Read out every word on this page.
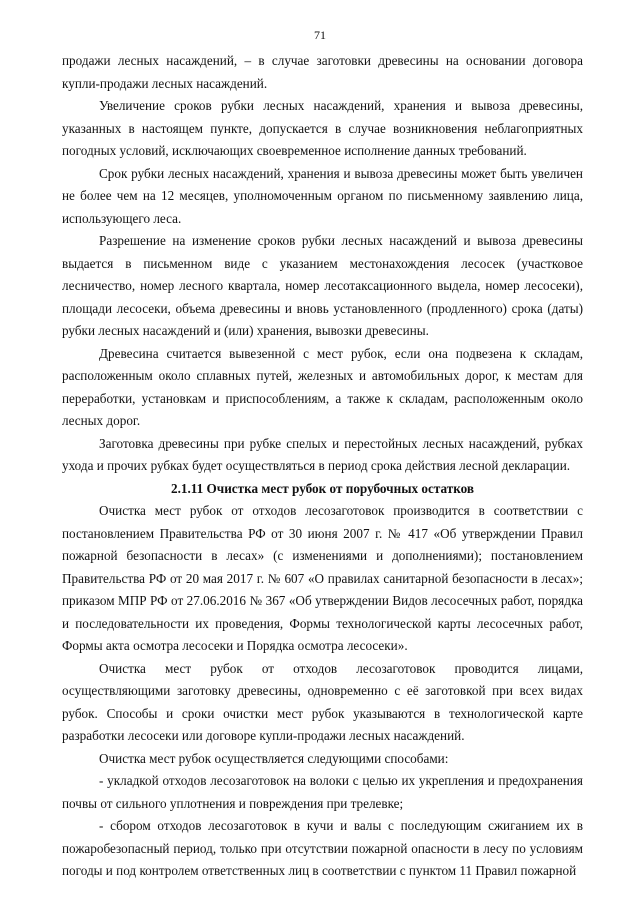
71

продажи лесных насаждений, – в случае заготовки древесины на основании договора купли-продажи лесных насаждений.

Увеличение сроков рубки лесных насаждений, хранения и вывоза древесины, указанных в настоящем пункте, допускается в случае возникновения неблагоприятных погодных условий, исключающих своевременное исполнение данных требований.

Срок рубки лесных насаждений, хранения и вывоза древесины может быть увеличен не более чем на 12 месяцев, уполномоченным органом по письменному заявлению лица, использующего леса.

Разрешение на изменение сроков рубки лесных насаждений и вывоза древесины выдается в письменном виде с указанием местонахождения лесосек (участковое лесничество, номер лесного квартала, номер лесотаксационного выдела, номер лесосеки), площади лесосеки, объема древесины и вновь установленного (продленного) срока (даты) рубки лесных насаждений и (или) хранения, вывозки древесины.

Древесина считается вывезенной с мест рубок, если она подвезена к складам, расположенным около сплавных путей, железных и автомобильных дорог, к местам для переработки, установкам и приспособлениям, а также к складам, расположенным около лесных дорог.

Заготовка древесины при рубке спелых и перестойных лесных насаждений, рубках ухода и прочих рубках будет осуществляться в период срока действия лесной декларации.

2.1.11 Очистка мест рубок от порубочных остатков

Очистка мест рубок от отходов лесозаготовок производится в соответствии с постановлением Правительства РФ от 30 июня 2007 г. № 417 «Об утверждении Правил пожарной безопасности в лесах» (с изменениями и дополнениями); постановлением Правительства РФ от 20 мая 2017 г. № 607 «О правилах санитарной безопасности в лесах»; приказом МПР РФ от 27.06.2016 № 367 «Об утверждении Видов лесосечных работ, порядка и последовательности их проведения, Формы технологической карты лесосечных работ, Формы акта осмотра лесосеки и Порядка осмотра лесосеки».

Очистка мест рубок от отходов лесозаготовок проводится лицами, осуществляющими заготовку древесины, одновременно с её заготовкой при всех видах рубок. Способы и сроки очистки мест рубок указываются в технологической карте разработки лесосеки или договоре купли-продажи лесных насаждений.

Очистка мест рубок осуществляется следующими способами:

- укладкой отходов лесозаготовок на волоки с целью их укрепления и предохранения почвы от сильного уплотнения и повреждения при трелевке;

- сбором отходов лесозаготовок в кучи и валы с последующим сжиганием их в пожаробезопасный период, только при отсутствии пожарной опасности в лесу по условиям погоды и под контролем ответственных лиц в соответствии с пунктом 11 Правил пожарной
